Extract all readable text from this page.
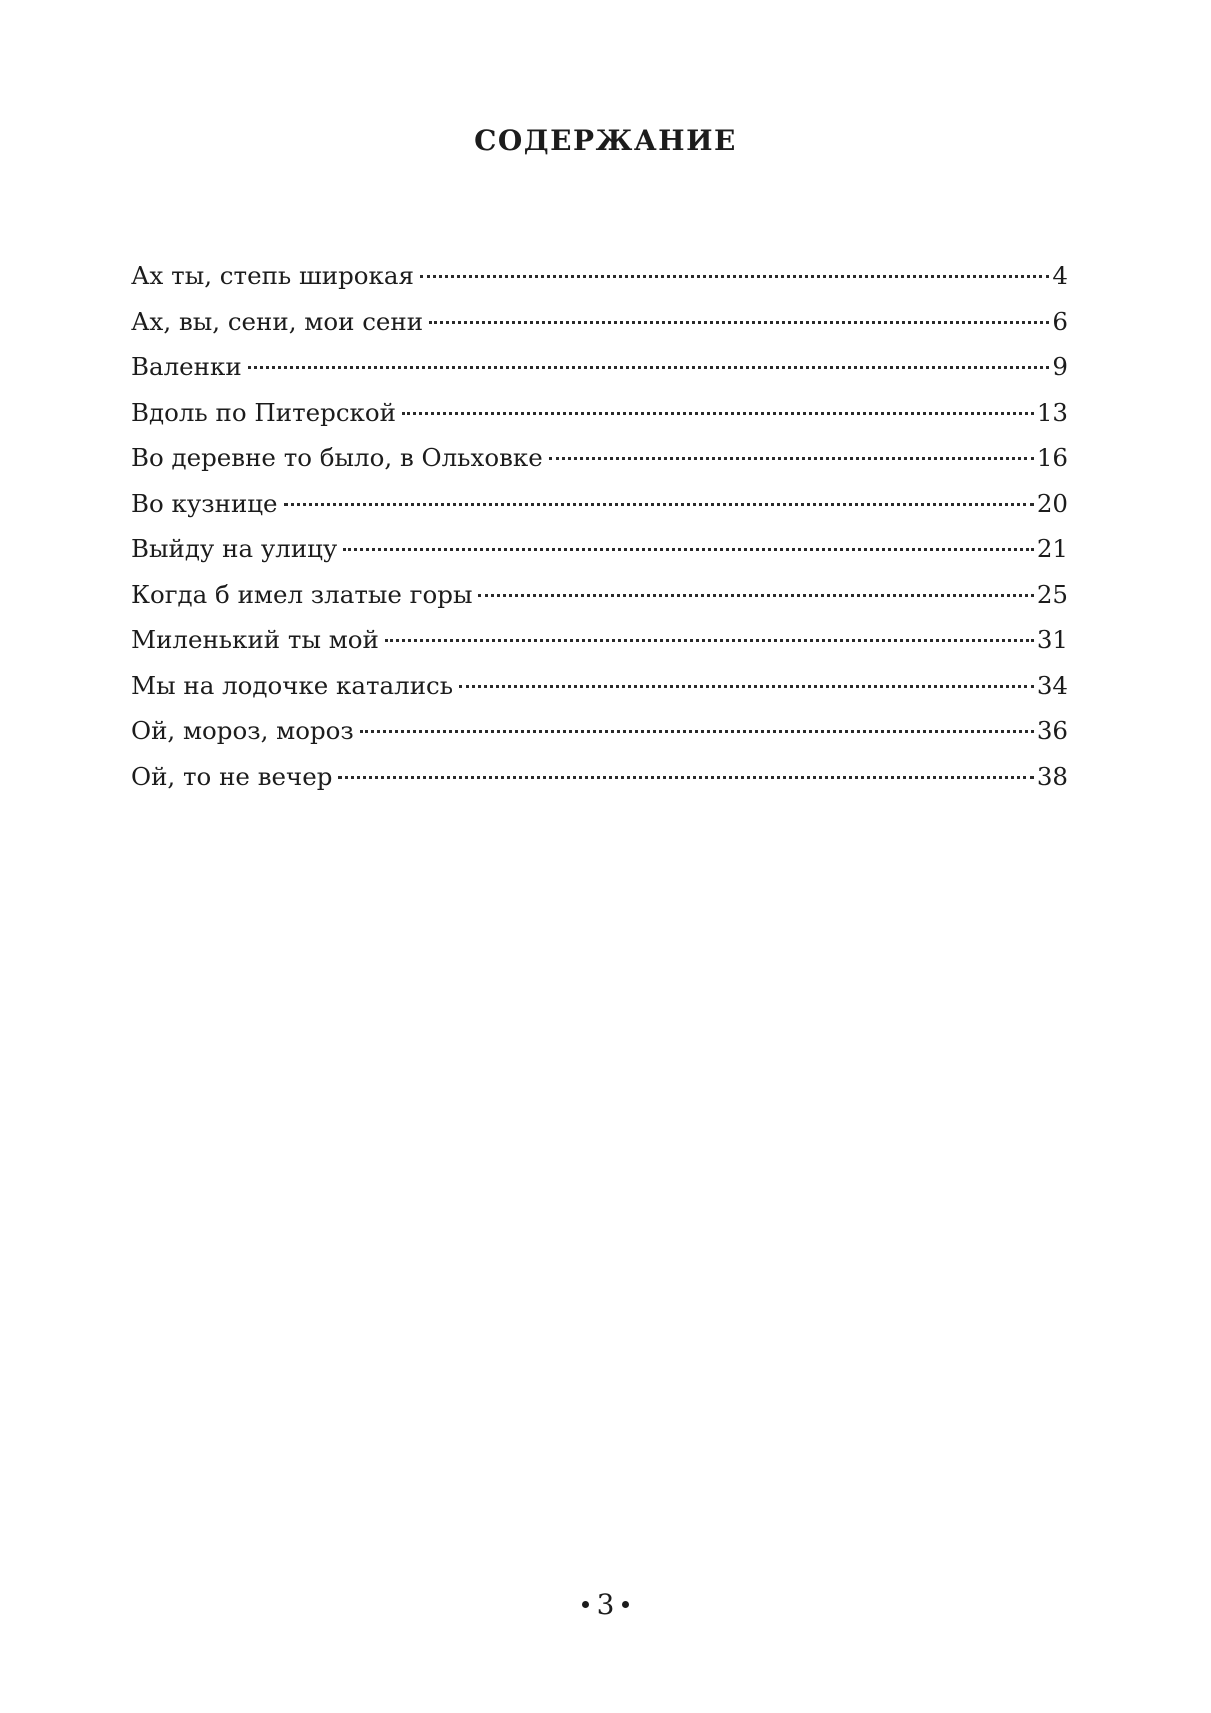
СОДЕРЖАНИЕ
Ах ты, степь широкая	4
Ах, вы, сени, мои сени	6
Валенки	9
Вдоль по Питерской	13
Во деревне то было, в Ольховке	16
Во кузнице	20
Выйду на улицу	21
Когда б имел златые горы	25
Миленький ты мой	31
Мы на лодочке катались	34
Ой, мороз, мороз	36
Ой, то не вечер	38
3
